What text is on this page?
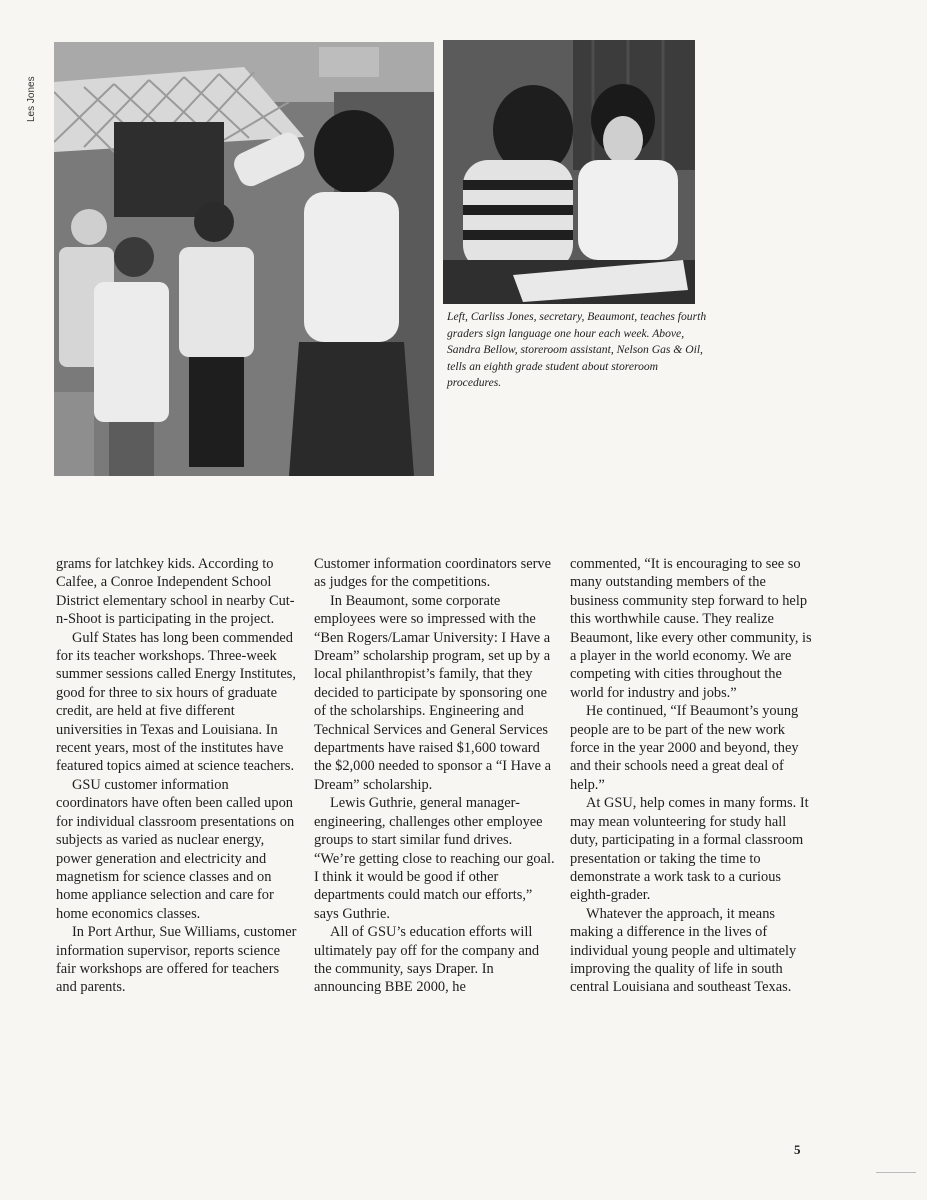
Les Jones
Left, Carliss Jones, secretary, Beaumont, teaches fourth graders sign language one hour each week. Above, Sandra Bellow, storeroom assistant, Nelson Gas & Oil, tells an eighth grade student about storeroom procedures.

grams for latchkey kids. According to Calfee, a Conroe Independent School District elementary school in nearby Cut-n-Shoot is participating in the project.

Gulf States has long been commended for its teacher workshops. Three-week summer sessions called Energy Institutes, good for three to six hours of graduate credit, are held at five different universities in Texas and Louisiana. In recent years, most of the institutes have featured topics aimed at science teachers.

GSU customer information coordinators have often been called upon for individual classroom presentations on subjects as varied as nuclear energy, power generation and electricity and magnetism for science classes and on home appliance selection and care for home economics classes.

In Port Arthur, Sue Williams, customer information supervisor, reports science fair workshops are offered for teachers and parents.

Customer information coordinators serve as judges for the competitions.

In Beaumont, some corporate employees were so impressed with the “Ben Rogers/Lamar University: I Have a Dream” scholarship program, set up by a local philanthropist’s family, that they decided to participate by sponsoring one of the scholarships. Engineering and Technical Services and General Services departments have raised $1,600 toward the $2,000 needed to sponsor a “I Have a Dream” scholarship.

Lewis Guthrie, general manager-engineering, challenges other employee groups to start similar fund drives. “We’re getting close to reaching our goal. I think it would be good if other departments could match our efforts,” says Guthrie.

All of GSU’s education efforts will ultimately pay off for the company and the community, says Draper. In announcing BBE 2000, he

commented, “It is encouraging to see so many outstanding members of the business community step forward to help this worthwhile cause. They realize Beaumont, like every other community, is a player in the world economy. We are competing with cities throughout the world for industry and jobs.”

He continued, “If Beaumont’s young people are to be part of the new work force in the year 2000 and beyond, they and their schools need a great deal of help.”

At GSU, help comes in many forms. It may mean volunteering for study hall duty, participating in a formal classroom presentation or taking the time to demonstrate a work task to a curious eighth-grader.

Whatever the approach, it means making a difference in the lives of individual young people and ultimately improving the quality of life in south central Louisiana and southeast Texas.

5
